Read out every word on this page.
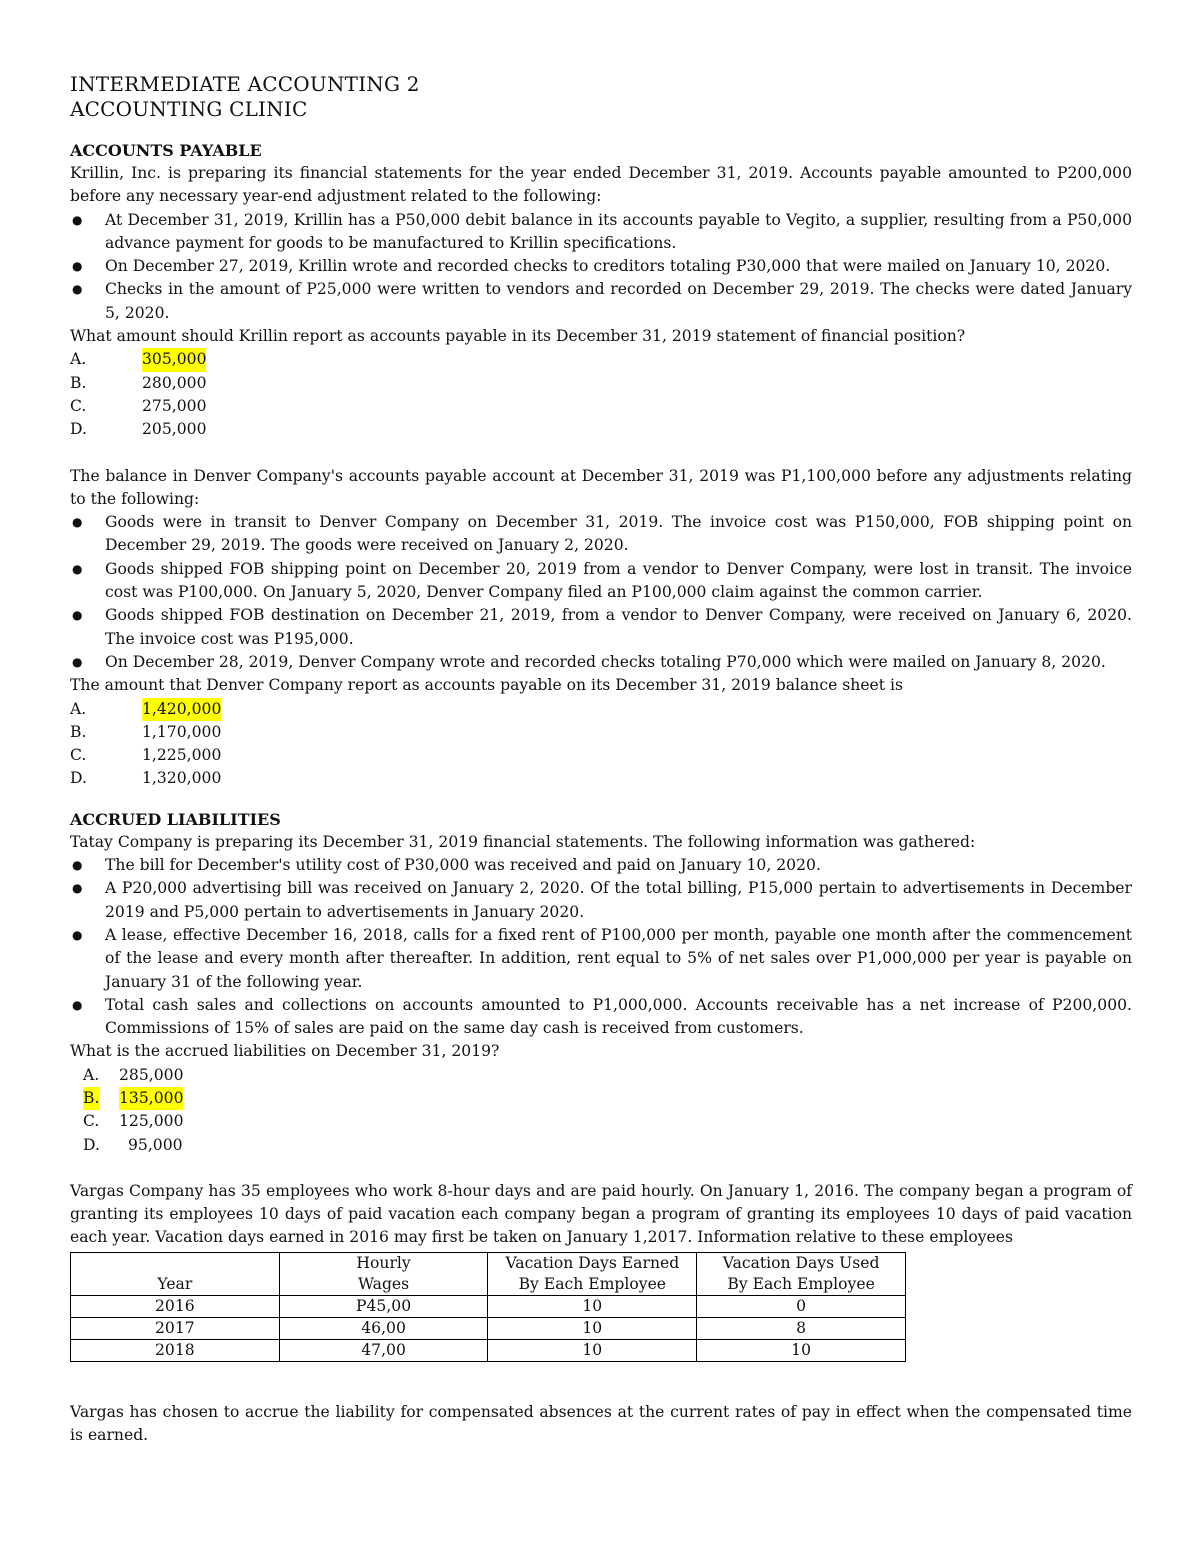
INTERMEDIATE ACCOUNTING 2

ACCOUNTING CLINIC

ACCOUNTS PAYABLE

Krillin, Inc. is preparing its financial statements for the year ended December 31, 2019. Accounts payable amounted to P200,000 before any necessary year-end adjustment related to the following:

● At December 31, 2019, Krillin has a P50,000 debit balance in its accounts payable to Vegito, a supplier, resulting from a P50,000 advance payment for goods to be manufactured to Krillin specifications.
● On December 27, 2019, Krillin wrote and recorded checks to creditors totaling P30,000 that were mailed on January 10, 2020.
● Checks in the amount of P25,000 were written to vendors and recorded on December 29, 2019. The checks were dated January 5, 2020.

What amount should Krillin report as accounts payable in its December 31, 2019 statement of financial position?

A.	305,000
B.	280,000
C.	275,000
D.	205,000

The balance in Denver Company's accounts payable account at December 31, 2019 was P1,100,000 before any adjustments relating to the following:

● Goods were in transit to Denver Company on December 31, 2019. The invoice cost was P150,000, FOB shipping point on December 29, 2019. The goods were received on January 2, 2020.
● Goods shipped FOB shipping point on December 20, 2019 from a vendor to Denver Company, were lost in transit. The invoice cost was P100,000. On January 5, 2020, Denver Company filed an P100,000 claim against the common carrier.
● Goods shipped FOB destination on December 21, 2019, from a vendor to Denver Company, were received on January 6, 2020. The invoice cost was P195,000.
● On December 28, 2019, Denver Company wrote and recorded checks totaling P70,000 which were mailed on January 8, 2020.

The amount that Denver Company report as accounts payable on its December 31, 2019 balance sheet is

A.	1,420,000
B.	1,170,000
C.	1,225,000
D.	1,320,000
ACCRUED LIABILITIES

Tatay Company is preparing its December 31, 2019 financial statements. The following information was gathered:

● The bill for December's utility cost of P30,000 was received and paid on January 10, 2020.
● A P20,000 advertising bill was received on January 2, 2020. Of the total billing, P15,000 pertain to advertisements in December 2019 and P5,000 pertain to advertisements in January 2020.
● A lease, effective December 16, 2018, calls for a fixed rent of P100,000 per month, payable one month after the commencement of the lease and every month after thereafter. In addition, rent equal to 5% of net sales over P1,000,000 per year is payable on January 31 of the following year.
● Total cash sales and collections on accounts amounted to P1,000,000. Accounts receivable has a net increase of P200,000. Commissions of 15% of sales are paid on the same day cash is received from customers.

What is the accrued liabilities on December 31, 2019?

A. 285,000
B. 135,000
C. 125,000
D. 95,000

Vargas Company has 35 employees who work 8-hour days and are paid hourly. On January 1, 2016. The company began a program of granting its employees 10 days of paid vacation each company began a program of granting its employees 10 days of paid vacation each year. Vacation days earned in 2016 may first be taken on January 1,2017. Information relative to these employees

	Hourly	Vacation Days Earned	Vacation Days Used
Year	Wages	By Each Employee	By Each Employee
2016	P45,00	10	0
2017	46,00	10	8
2018	47,00	10	10

Vargas has chosen to accrue the liability for compensated absences at the current rates of pay in effect when the compensated time is earned.
